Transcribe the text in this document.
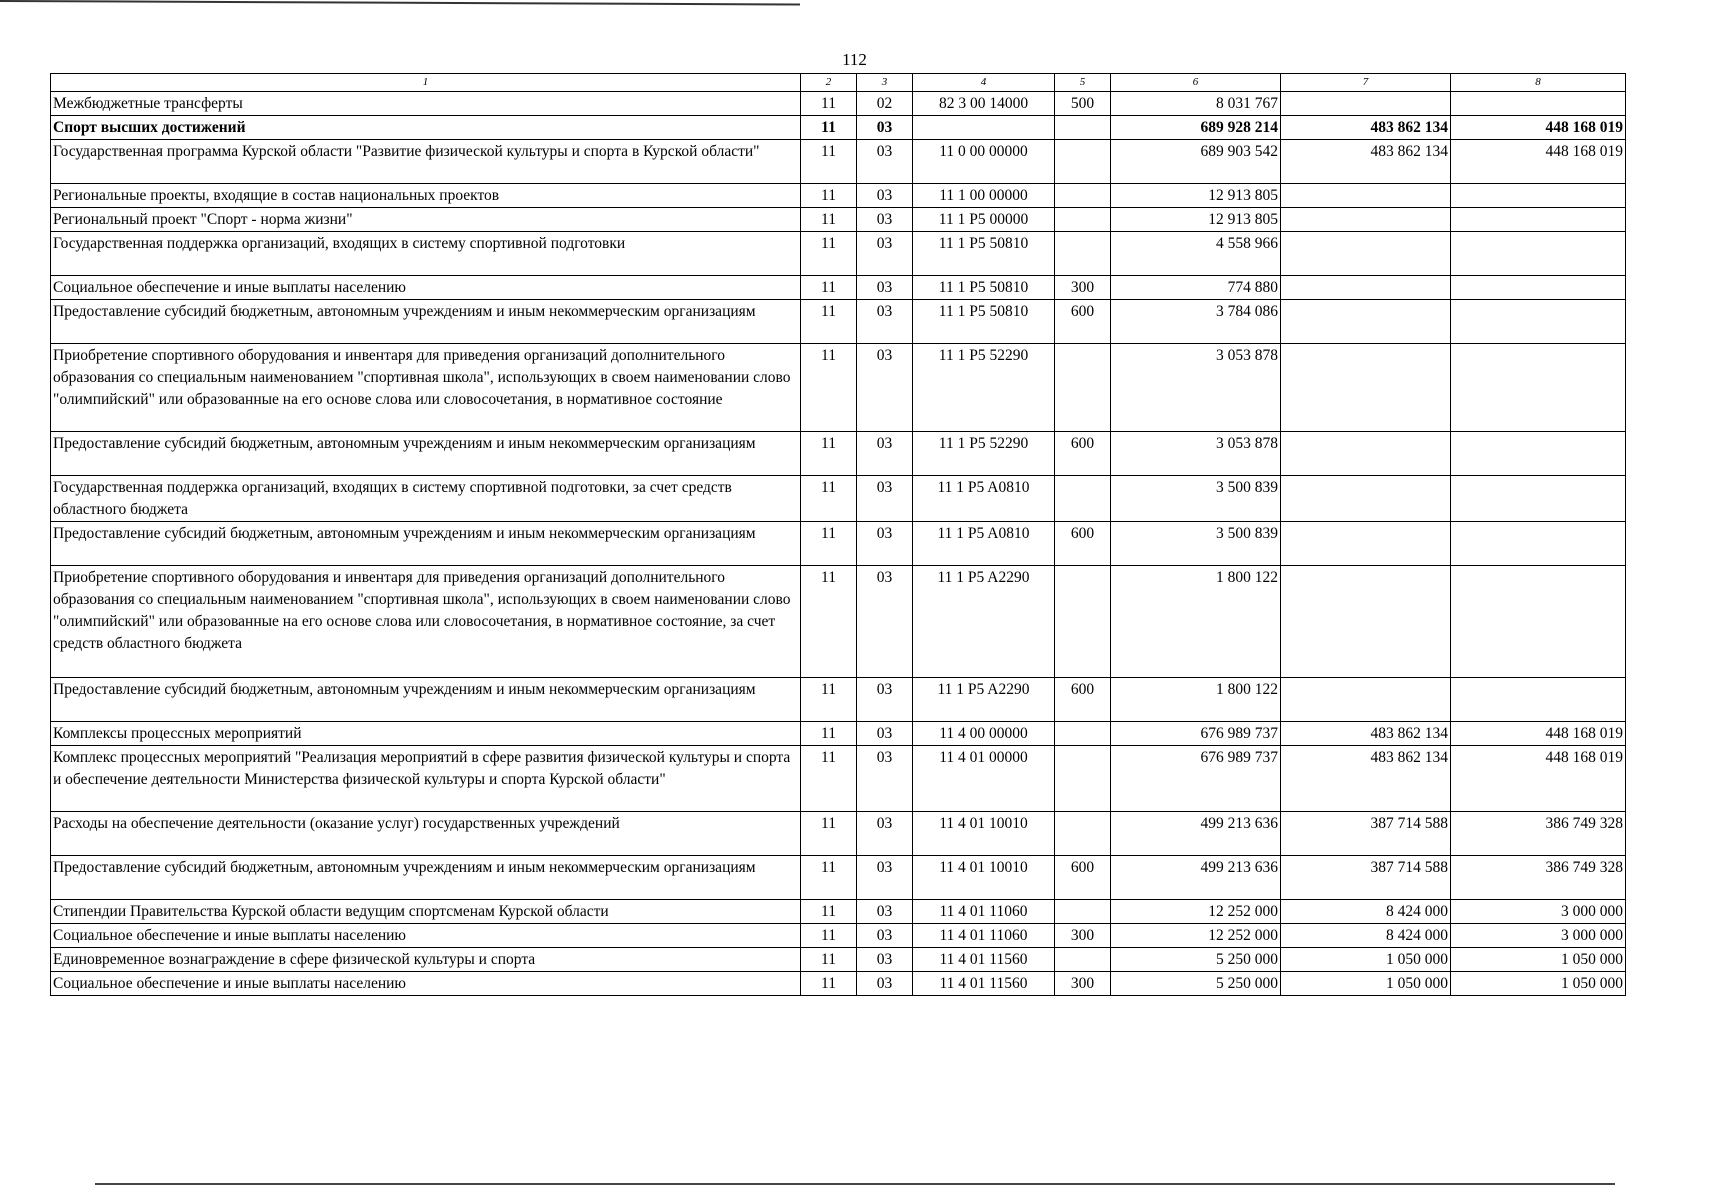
112
1	2	3	4	5	6	7	8
Межбюджетные трансферты	11	02	82 3 00 14000	500	8 031 767		
Спорт высших достижений	11	03			689 928 214	483 862 134	448 168 019
Государственная программа Курской области "Развитие физической культуры и спорта в Курской области"	11	03	11 0 00 00000		689 903 542	483 862 134	448 168 019
Региональные проекты, входящие в состав национальных проектов	11	03	11 1 00 00000		12 913 805		
Региональный проект "Спорт - норма жизни"	11	03	11 1 P5 00000		12 913 805		
Государственная поддержка организаций, входящих в систему спортивной подготовки	11	03	11 1 P5 50810		4 558 966		
Социальное обеспечение и иные выплаты населению	11	03	11 1 P5 50810	300	774 880		
Предоставление субсидий бюджетным, автономным учреждениям и иным некоммерческим организациям	11	03	11 1 P5 50810	600	3 784 086		
Приобретение спортивного оборудования и инвентаря для приведения организаций дополнительного образования со специальным наименованием "спортивная школа", использующих в своем наименовании слово "олимпийский" или образованные на его основе слова или словосочетания, в нормативное состояние	11	03	11 1 P5 52290		3 053 878		
Предоставление субсидий бюджетным, автономным учреждениям и иным некоммерческим организациям	11	03	11 1 P5 52290	600	3 053 878		
Государственная поддержка организаций, входящих в систему спортивной подготовки, за счет средств областного бюджета	11	03	11 1 P5 A0810		3 500 839		
Предоставление субсидий бюджетным, автономным учреждениям и иным некоммерческим организациям	11	03	11 1 P5 A0810	600	3 500 839		
Приобретение спортивного оборудования и инвентаря для приведения организаций дополнительного образования со специальным наименованием "спортивная школа", использующих в своем наименовании слово "олимпийский" или образованные на его основе слова или словосочетания, в нормативное состояние, за счет средств областного бюджета	11	03	11 1 P5 A2290		1 800 122		
Предоставление субсидий бюджетным, автономным учреждениям и иным некоммерческим организациям	11	03	11 1 P5 A2290	600	1 800 122		
Комплексы процессных мероприятий	11	03	11 4 00 00000		676 989 737	483 862 134	448 168 019
Комплекс процессных мероприятий "Реализация мероприятий в сфере развития физической культуры и спорта и обеспечение деятельности Министерства физической культуры и спорта Курской области"	11	03	11 4 01 00000		676 989 737	483 862 134	448 168 019
Расходы на обеспечение деятельности (оказание услуг) государственных учреждений	11	03	11 4 01 10010		499 213 636	387 714 588	386 749 328
Предоставление субсидий бюджетным, автономным учреждениям и иным некоммерческим организациям	11	03	11 4 01 10010	600	499 213 636	387 714 588	386 749 328
Стипендии Правительства Курской области ведущим спортсменам Курской области	11	03	11 4 01 11060		12 252 000	8 424 000	3 000 000
Социальное обеспечение и иные выплаты населению	11	03	11 4 01 11060	300	12 252 000	8 424 000	3 000 000
Единовременное вознаграждение в сфере физической культуры и спорта	11	03	11 4 01 11560		5 250 000	1 050 000	1 050 000
Социальное обеспечение и иные выплаты населению	11	03	11 4 01 11560	300	5 250 000	1 050 000	1 050 000
